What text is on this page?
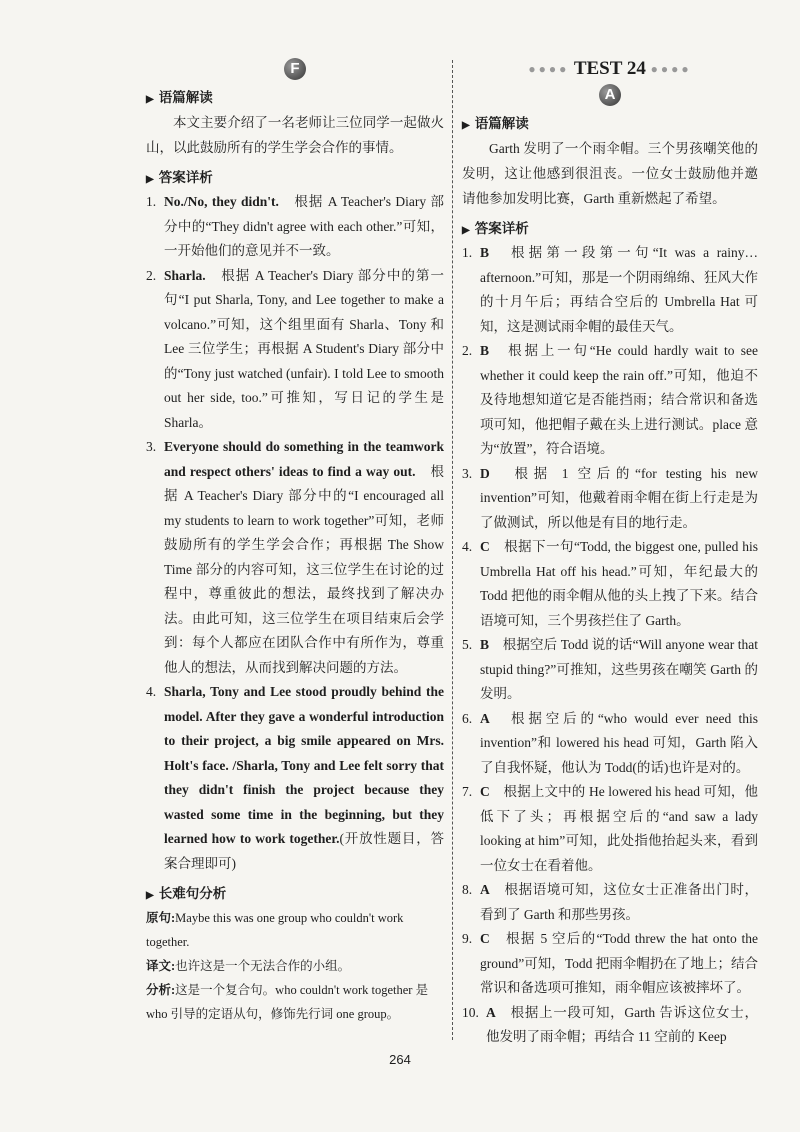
F
▶ 语篇解读
本文主要介绍了一名老师让三位同学一起做火山，以此鼓励所有的学生学会合作的事情。
▶ 答案详析
1. No./No, they didn't.　根据 A Teacher's Diary 部分中的“They didn't agree with each other.”可知，一开始他们的意见并不一致。
2. Sharla.　根据 A Teacher's Diary 部分中的第一句“I put Sharla, Tony, and Lee together to make a volcano.”可知，这个组里面有 Sharla、Tony 和 Lee 三位学生；再根据 A Student's Diary 部分中的“Tony just watched (unfair). I told Lee to smooth out her side, too.”可推知，写日记的学生是 Sharla。
3. Everyone should do something in the teamwork and respect others' ideas to find a way out.　根据 A Teacher's Diary 部分中的“I encouraged all my students to learn to work together”可知，老师鼓励所有的学生学会合作；再根据 The Show Time 部分的内容可知，这三位学生在讨论的过程中，尊重彼此的想法，最终找到了解决办法。由此可知，这三位学生在项目结束后会学到：每个人都应在团队合作中有所作为，尊重他人的想法，从而找到解决问题的方法。
4. Sharla, Tony and Lee stood proudly behind the model. After they gave a wonderful introduction to their project, a big smile appeared on Mrs. Holt's face. /Sharla, Tony and Lee felt sorry that they didn't finish the project because they wasted some time in the beginning, but they learned how to work together.(开放性题目，答案合理即可)
▶ 长难句分析
原句:Maybe this was one group who couldn't work together.
译文:也许这是一个无法合作的小组。
分析:这是一个复合句。who couldn't work together 是 who 引导的定语从句，修饰先行词 one group。
●●●● TEST 24 ●●●●
A
▶ 语篇解读
Garth 发明了一个雨伞帽。三个男孩嘲笑他的发明，这让他感到很沮丧。一位女士鼓励他并邀请他参加发明比赛，Garth 重新燃起了希望。
▶ 答案详析
1. B　根据第一段第一句“It was a rainy… afternoon.”可知，那是一个阴雨绵绵、狂风大作的十月午后；再结合空后的 Umbrella Hat 可知，这是测试雨伞帽的最佳天气。
2. B　根据上一句“He could hardly wait to see whether it could keep the rain off.”可知，他迫不及待地想知道它是否能挡雨；结合常识和备选项可知，他把帽子戴在头上进行测试。place 意为“放置”，符合语境。
3. D　根据 1 空后的“for testing his new invention”可知，他戴着雨伞帽在街上行走是为了做测试，所以他是有目的地行走。
4. C　根据下一句“Todd, the biggest one, pulled his Umbrella Hat off his head.”可知，年纪最大的 Todd 把他的雨伞帽从他的头上拽了下来。结合语境可知，三个男孩拦住了 Garth。
5. B　根据空后 Todd 说的话“Will anyone wear that stupid thing?”可推知，这些男孩在嘲笑 Garth 的发明。
6. A　根据空后的“who would ever need this invention”和 lowered his head 可知，Garth 陷入了自我怀疑，他认为 Todd(的话)也许是对的。
7. C　根据上文中的 He lowered his head 可知，他低下了头；再根据空后的“and saw a lady looking at him”可知，此处指他抬起头来，看到一位女士在看着他。
8. A　根据语境可知，这位女士正准备出门时，看到了 Garth 和那些男孩。
9. C　根据 5 空后的“Todd threw the hat onto the ground”可知，Todd 把雨伞帽扔在了地上；结合常识和备选项可推知，雨伞帽应该被摔坏了。
10. A　根据上一段可知，Garth 告诉这位女士，他发明了雨伞帽；再结合 11 空前的 Keep
264
